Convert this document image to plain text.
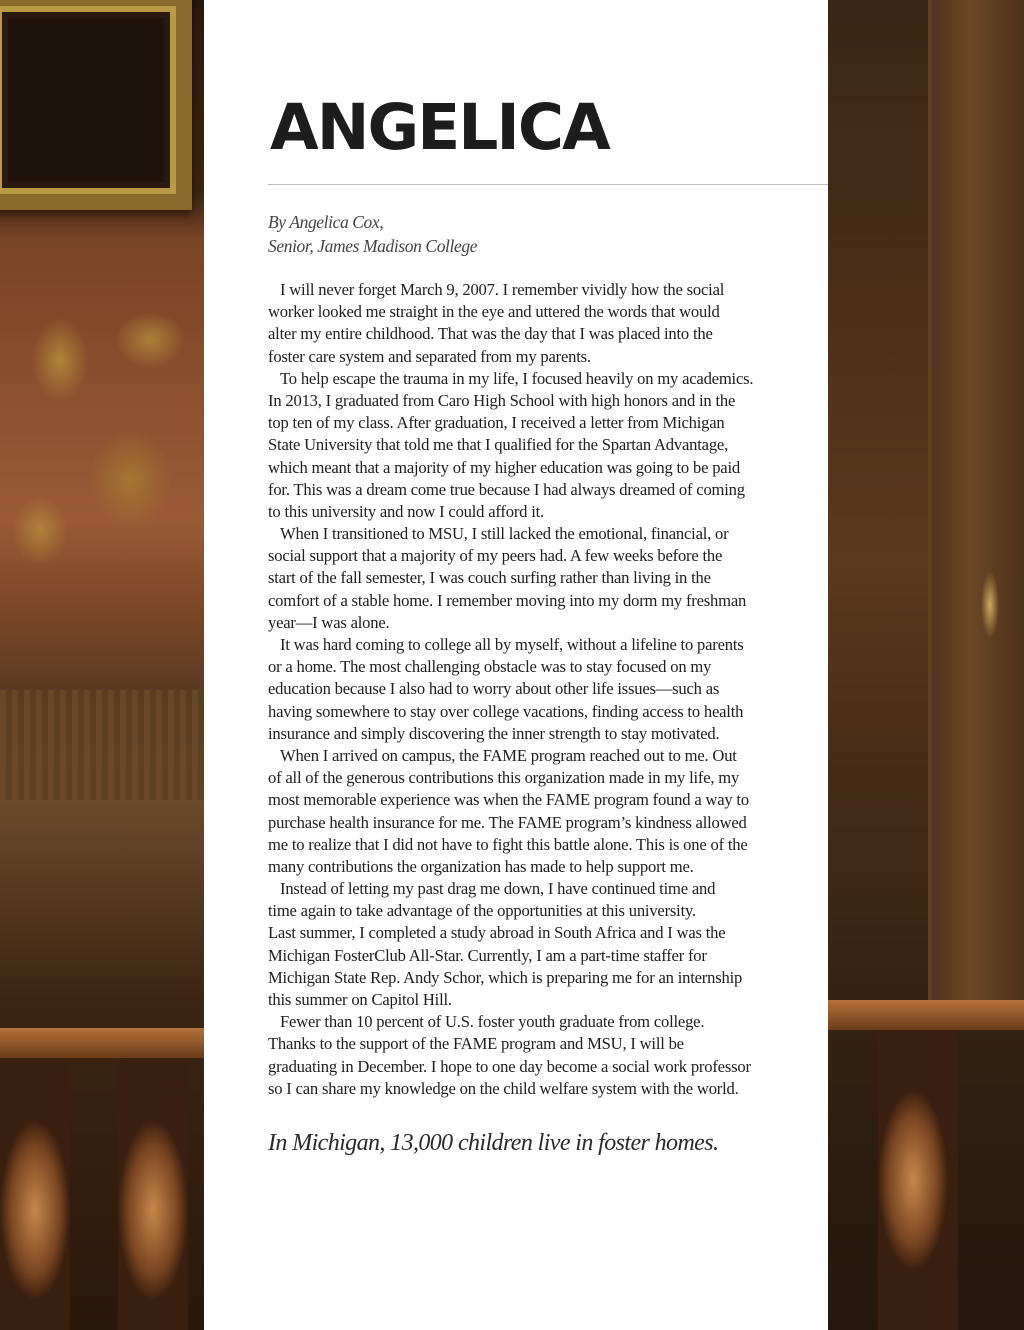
ANGELICA
By Angelica Cox,
Senior, James Madison College
I will never forget March 9, 2007. I remember vividly how the social
worker looked me straight in the eye and uttered the words that would
alter my entire childhood. That was the day that I was placed into the
foster care system and separated from my parents.
To help escape the trauma in my life, I focused heavily on my academics.
In 2013, I graduated from Caro High School with high honors and in the
top ten of my class. After graduation, I received a letter from Michigan
State University that told me that I qualified for the Spartan Advantage,
which meant that a majority of my higher education was going to be paid
for. This was a dream come true because I had always dreamed of coming
to this university and now I could afford it.
When I transitioned to MSU, I still lacked the emotional, financial, or
social support that a majority of my peers had. A few weeks before the
start of the fall semester, I was couch surfing rather than living in the
comfort of a stable home. I remember moving into my dorm my freshman
year—I was alone.
It was hard coming to college all by myself, without a lifeline to parents
or a home. The most challenging obstacle was to stay focused on my
education because I also had to worry about other life issues—such as
having somewhere to stay over college vacations, finding access to health
insurance and simply discovering the inner strength to stay motivated.
When I arrived on campus, the FAME program reached out to me. Out
of all of the generous contributions this organization made in my life, my
most memorable experience was when the FAME program found a way to
purchase health insurance for me. The FAME program’s kindness allowed
me to realize that I did not have to fight this battle alone. This is one of the
many contributions the organization has made to help support me.
Instead of letting my past drag me down, I have continued time and
time again to take advantage of the opportunities at this university.
Last summer, I completed a study abroad in South Africa and I was the
Michigan FosterClub All-Star. Currently, I am a part-time staffer for
Michigan State Rep. Andy Schor, which is preparing me for an internship
this summer on Capitol Hill.
Fewer than 10 percent of U.S. foster youth graduate from college.
Thanks to the support of the FAME program and MSU, I will be
graduating in December. I hope to one day become a social work professor
so I can share my knowledge on the child welfare system with the world.
In Michigan, 13,000 children live in foster homes.
